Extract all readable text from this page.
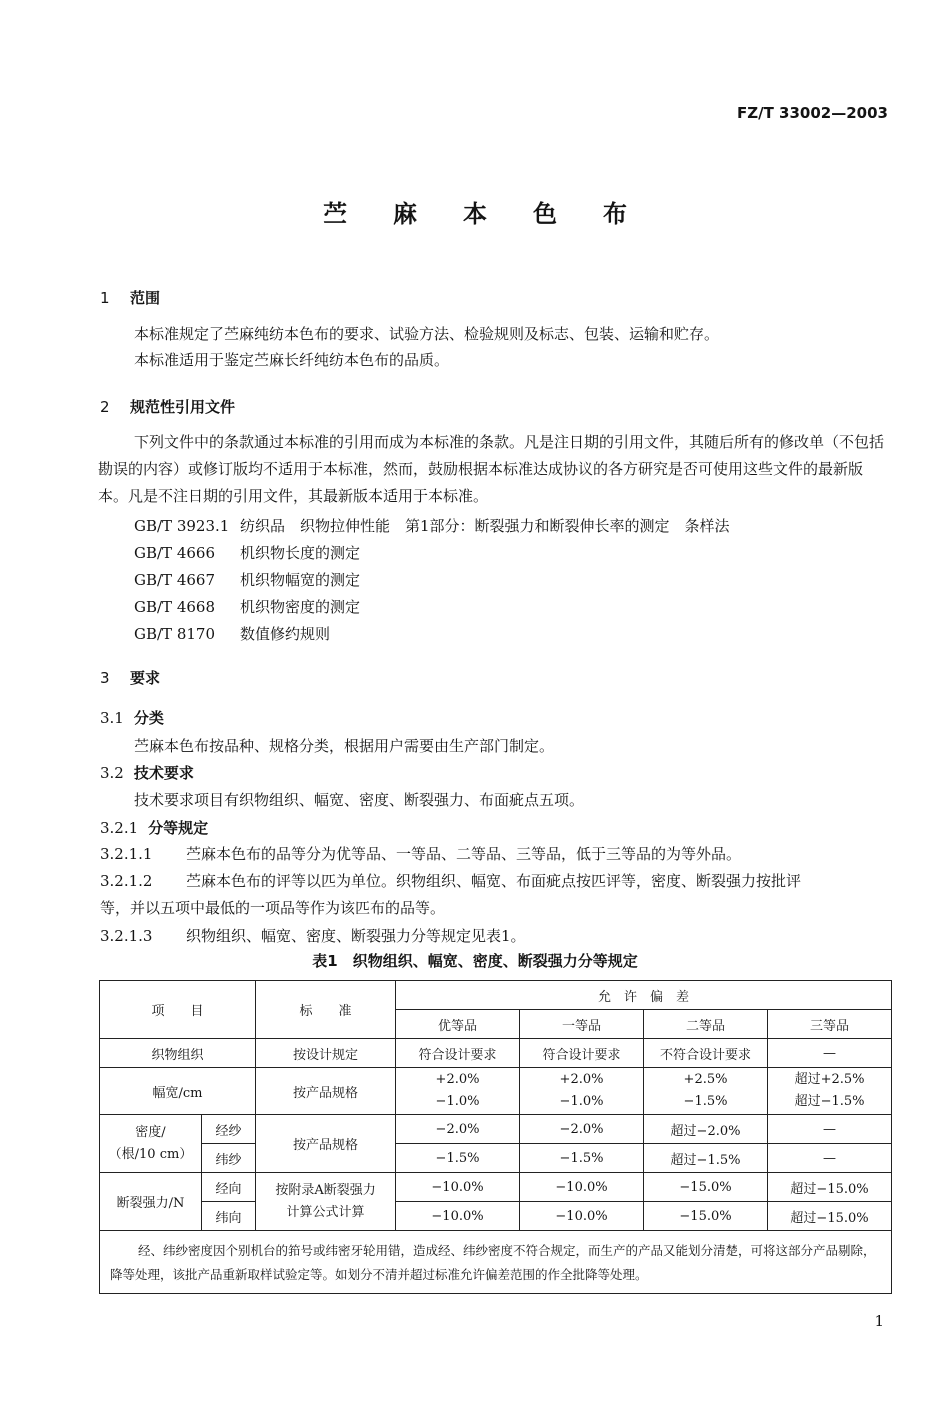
FZ/T 33002—2003
苎麻本色布
1 范围
本标准规定了苎麻纯纺本色布的要求、试验方法、检验规则及标志、包装、运输和贮存。
本标准适用于鉴定苎麻长纤纯纺本色布的品质。
2 规范性引用文件
下列文件中的条款通过本标准的引用而成为本标准的条款。凡是注日期的引用文件，其随后所有的修改单（不包括勘误的内容）或修订版均不适用于本标准，然而，鼓励根据本标准达成协议的各方研究是否可使用这些文件的最新版本。凡是不注日期的引用文件，其最新版本适用于本标准。
GB/T 3923.1 纺织品　织物拉伸性能　第1部分：断裂强力和断裂伸长率的测定　条样法
GB/T 4666 机织物长度的测定
GB/T 4667 机织物幅宽的测定
GB/T 4668 机织物密度的测定
GB/T 8170 数值修约规则
3 要求
3.1 分类
苎麻本色布按品种、规格分类，根据用户需要由生产部门制定。
3.2 技术要求
技术要求项目有织物组织、幅宽、密度、断裂强力、布面疵点五项。
3.2.1 分等规定
3.2.1.1 苎麻本色布的品等分为优等品、一等品、二等品、三等品，低于三等品的为等外品。
3.2.1.2 苎麻本色布的评等以匹为单位。织物组织、幅宽、布面疵点按匹评等，密度、断裂强力按批评
等，并以五项中最低的一项品等作为该匹布的品等。
3.2.1.3 织物组织、幅宽、密度、断裂强力分等规定见表1。
表1　织物组织、幅宽、密度、断裂强力分等规定
项　　目		标　　准	允　许　偏　差			
			优等品	一等品	二等品	三等品
织物组织		按设计规定	符合设计要求	符合设计要求	不符合设计要求	—
幅宽/cm		按产品规格	+2.0%
−1.0%	+2.0%
−1.0%	+2.5%
−1.5%	超过+2.5%
超过−1.5%

密度/
（根/10 cm）	经纱	按产品规格	−2.0%	−2.0%	超过−2.0%	—
	纬纱		−1.5%	−1.5%	超过−1.5%	—
断裂强力/N	经向	按附录A断裂强力
计算公式计算	−10.0%	−10.0%	−15.0%	超过−15.0%
	纬向		−10.0%	−10.0%	−15.0%	超过−15.0%

经、纬纱密度因个别机台的筘号或纬密牙轮用错，造成经、纬纱密度不符合规定，而生产的产品又能划分清楚，可将这部分产品剔除，降等处理，该批产品重新取样试验定等。如划分不清并超过标准允许偏差范围的作全批降等处理。						
1
